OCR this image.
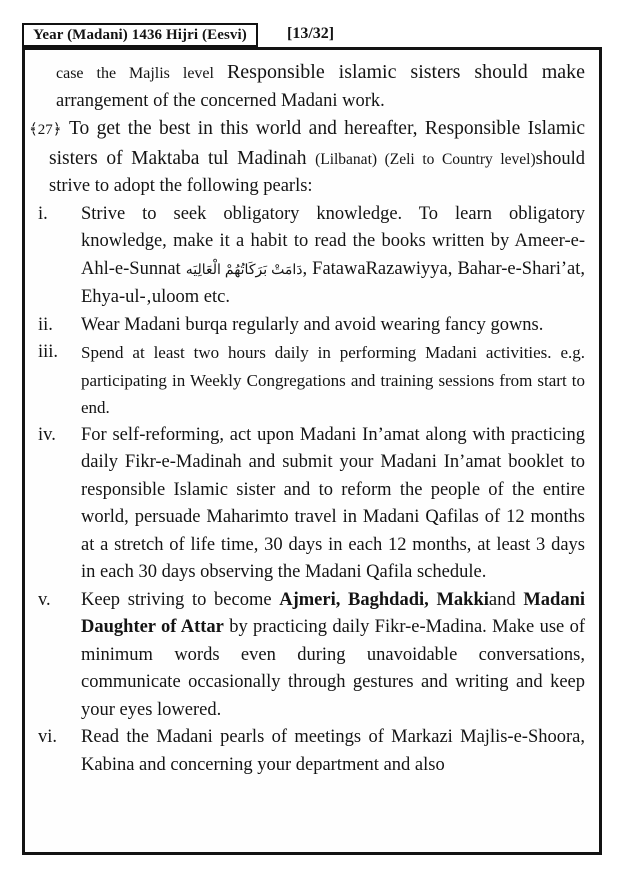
Year (Madani) 1436 Hijri (Eesvi)	[13/32]

case the Majlis level Responsible islamic sisters should make arrangement of the concerned Madani work.

﴾27﴿ To get the best in this world and hereafter, Responsible Islamic sisters of Maktaba tul Madinah (Lilbanat) (Zeli to Country level)should strive to adopt the following pearls:

i. Strive to seek obligatory knowledge. To learn obligatory knowledge, make it a habit to read the books written by Ameer-e-Ahl-e-Sunnat دَامَتْ بَرَكَاتُهُمْ الْعَالِيَه, FatawaRazawiyya, Bahar-e-Shari’at, Ehya-ul-‚uloom etc.
ii. Wear Madani burqa regularly and avoid wearing fancy gowns.
iii. Spend at least two hours daily in performing Madani activities. e.g. participating in Weekly Congregations and training sessions from start to end.
iv. For self-reforming, act upon Madani In’amat along with practicing daily Fikr-e-Madinah and submit your Madani In’amat booklet to responsible Islamic sister and to reform the people of the entire world, persuade Maharimto travel in Madani Qafilas of 12 months at a stretch of life time, 30 days in each 12 months, at least 3 days in each 30 days observing the Madani Qafila schedule.
v. Keep striving to become Ajmeri, Baghdadi, Makkiand Madani Daughter of Attar by practicing daily Fikr-e-Madina. Make use of minimum words even during unavoidable conversations, communicate occasionally through gestures and writing and keep your eyes lowered.
vi. Read the Madani pearls of meetings of Markazi Majlis-e-Shoora, Kabina and concerning your department and also
